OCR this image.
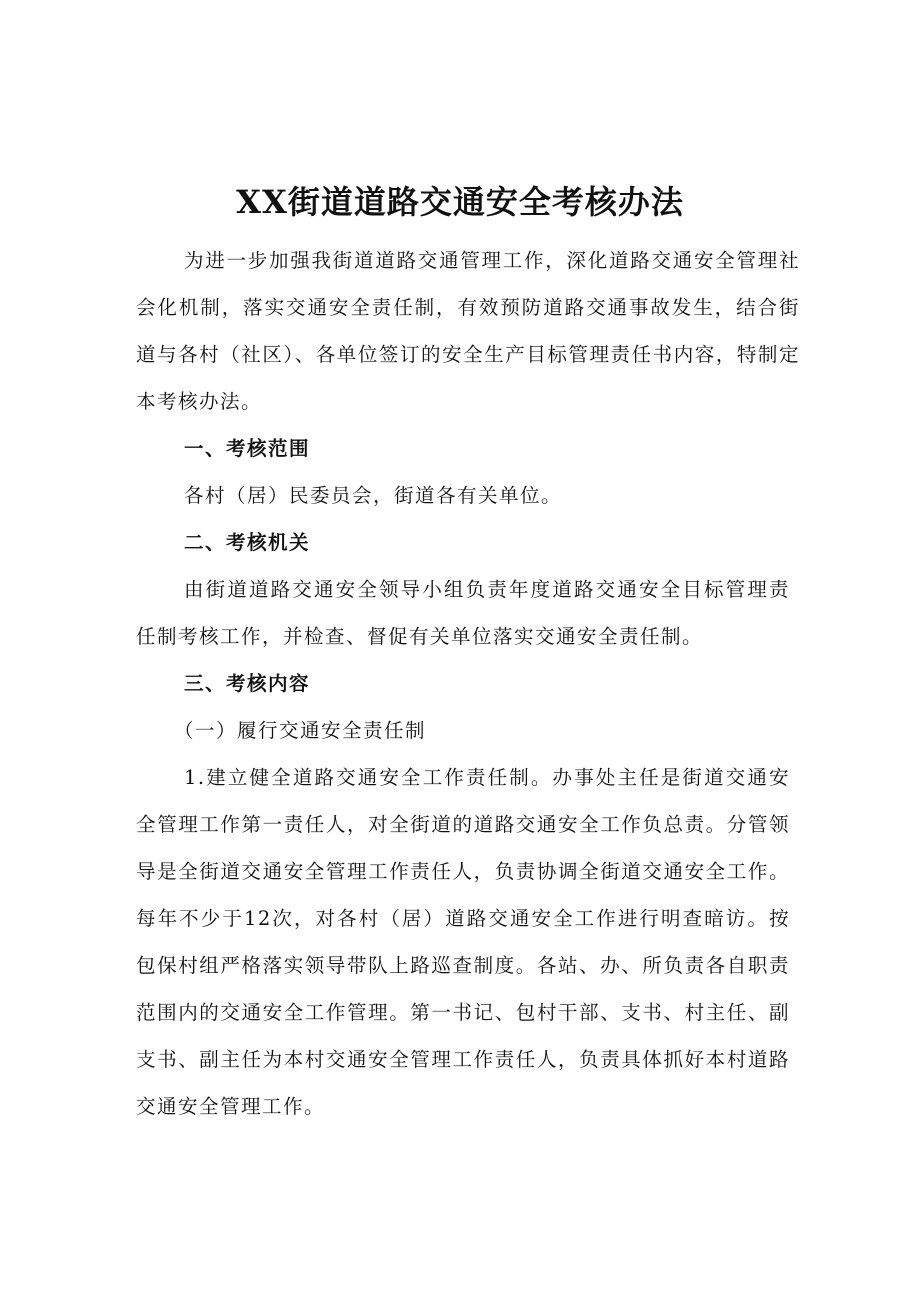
XX街道道路交通安全考核办法

为进一步加强我街道道路交通管理工作，深化道路交通安全管理社会化机制，落实交通安全责任制，有效预防道路交通事故发生，结合街道与各村（社区）、各单位签订的安全生产目标管理责任书内容，特制定本考核办法。

一、考核范围

各村（居）民委员会，街道各有关单位。

二、考核机关

由街道道路交通安全领导小组负责年度道路交通安全目标管理责任制考核工作，并检查、督促有关单位落实交通安全责任制。

三、考核内容

（一）履行交通安全责任制

1.建立健全道路交通安全工作责任制。办事处主任是街道交通安全管理工作第一责任人，对全街道的道路交通安全工作负总责。分管领导是全街道交通安全管理工作责任人，负责协调全街道交通安全工作。每年不少于12次，对各村（居）道路交通安全工作进行明查暗访。按包保村组严格落实领导带队上路巡查制度。各站、办、所负责各自职责范围内的交通安全工作管理。第一书记、包村干部、支书、村主任、副支书、副主任为本村交通安全管理工作责任人，负责具体抓好本村道路交通安全管理工作。
